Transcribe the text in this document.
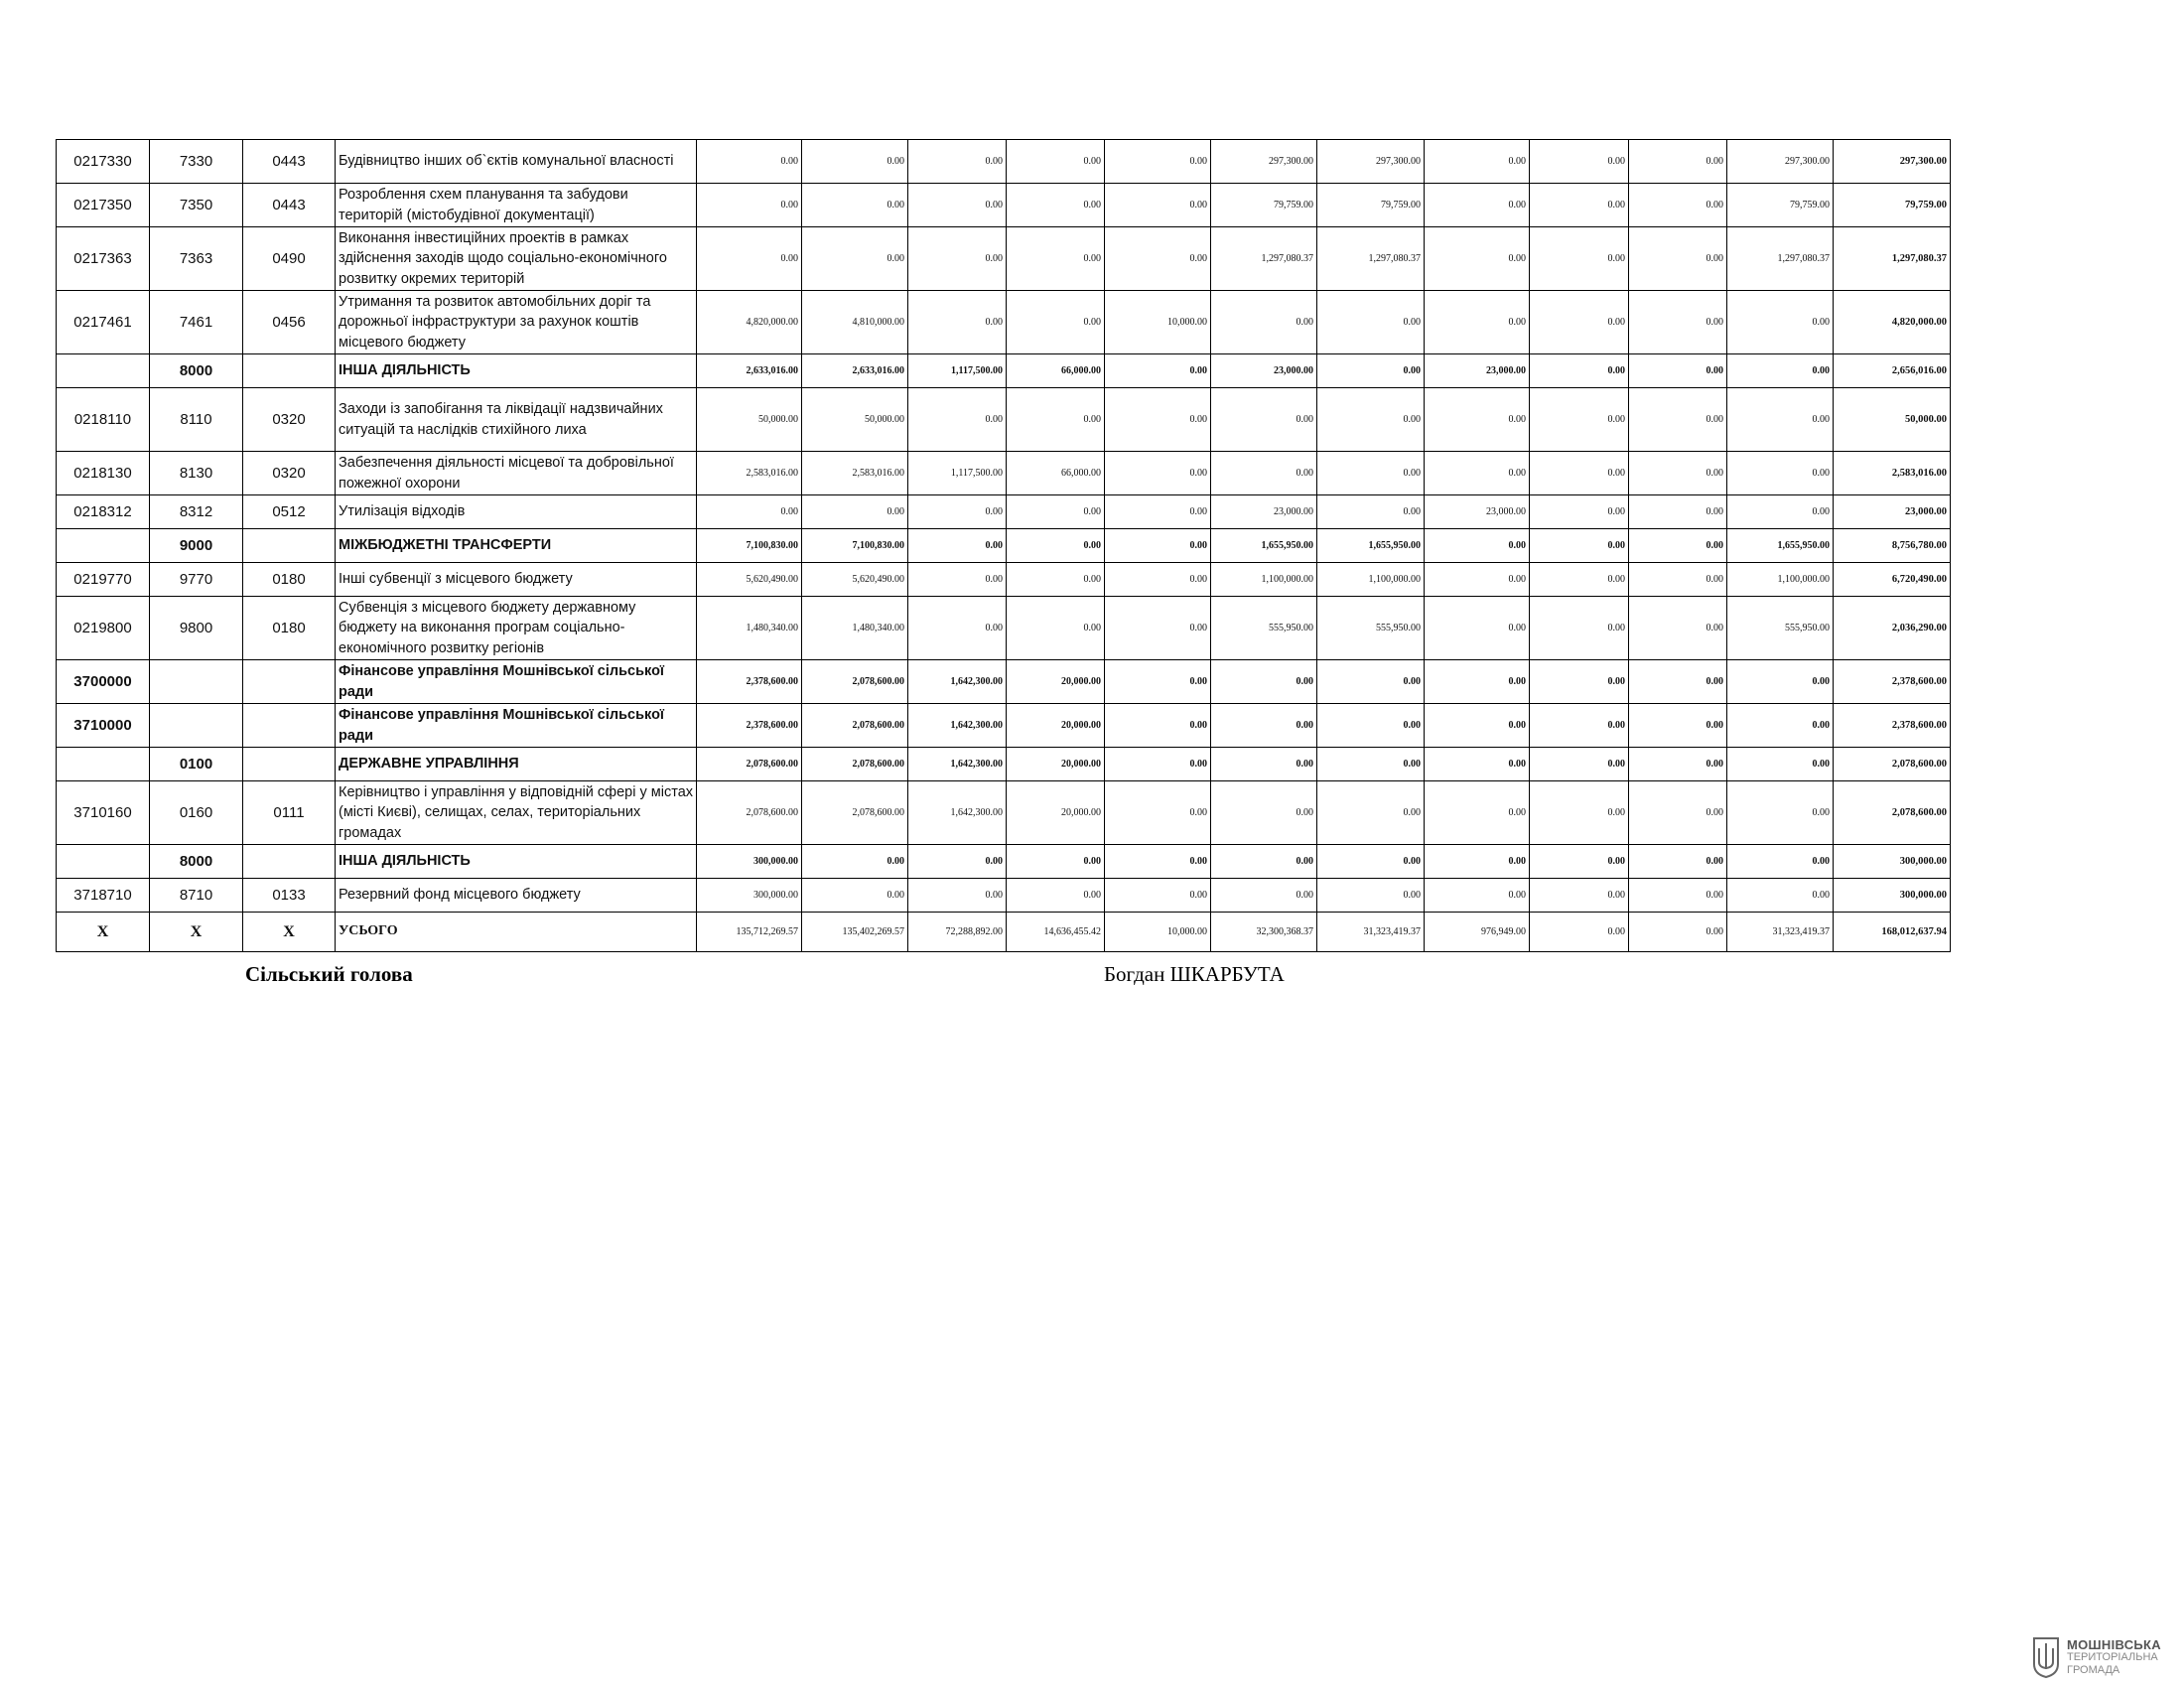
0217330	7330	0443	Будівництво інших об`єктів комунальної власності	0.00	0.00	0.00	0.00	0.00	297,300.00	297,300.00	0.00	0.00	0.00	297,300.00	297,300.00
0217350	7350	0443	Розроблення схем планування та забудови територій (містобудівної документації)	0.00	0.00	0.00	0.00	0.00	79,759.00	79,759.00	0.00	0.00	0.00	79,759.00	79,759.00
0217363	7363	0490	Виконання інвестиційних проектів в рамках здійснення заходів щодо соціально-економічного розвитку окремих територій	0.00	0.00	0.00	0.00	0.00	1,297,080.37	1,297,080.37	0.00	0.00	0.00	1,297,080.37	1,297,080.37
0217461	7461	0456	Утримання та розвиток автомобільних доріг та дорожньої інфраструктури за рахунок коштів місцевого бюджету	4,820,000.00	4,810,000.00	0.00	0.00	10,000.00	0.00	0.00	0.00	0.00	0.00	0.00	4,820,000.00
	8000		ІНША ДІЯЛЬНІСТЬ	2,633,016.00	2,633,016.00	1,117,500.00	66,000.00	0.00	23,000.00	0.00	23,000.00	0.00	0.00	0.00	2,656,016.00
0218110	8110	0320	Заходи із запобігання та ліквідації надзвичайних ситуацій та наслідків стихійного лиха	50,000.00	50,000.00	0.00	0.00	0.00	0.00	0.00	0.00	0.00	0.00	0.00	50,000.00
0218130	8130	0320	Забезпечення діяльності місцевої та добровільної пожежної охорони	2,583,016.00	2,583,016.00	1,117,500.00	66,000.00	0.00	0.00	0.00	0.00	0.00	0.00	0.00	2,583,016.00
0218312	8312	0512	Утилізація відходів	0.00	0.00	0.00	0.00	0.00	23,000.00	0.00	23,000.00	0.00	0.00	0.00	23,000.00
	9000		МІЖБЮДЖЕТНІ ТРАНСФЕРТИ	7,100,830.00	7,100,830.00	0.00	0.00	0.00	1,655,950.00	1,655,950.00	0.00	0.00	0.00	1,655,950.00	8,756,780.00
0219770	9770	0180	Інші субвенції з місцевого бюджету	5,620,490.00	5,620,490.00	0.00	0.00	0.00	1,100,000.00	1,100,000.00	0.00	0.00	0.00	1,100,000.00	6,720,490.00
0219800	9800	0180	Субвенція з місцевого бюджету державному бюджету на виконання програм соціально-економічного розвитку регіонів	1,480,340.00	1,480,340.00	0.00	0.00	0.00	555,950.00	555,950.00	0.00	0.00	0.00	555,950.00	2,036,290.00
3700000			Фінансове управління Мошнівської сільської ради	2,378,600.00	2,078,600.00	1,642,300.00	20,000.00	0.00	0.00	0.00	0.00	0.00	0.00	0.00	2,378,600.00
3710000			Фінансове управління Мошнівської сільської ради	2,378,600.00	2,078,600.00	1,642,300.00	20,000.00	0.00	0.00	0.00	0.00	0.00	0.00	0.00	2,378,600.00
	0100		ДЕРЖАВНЕ УПРАВЛІННЯ	2,078,600.00	2,078,600.00	1,642,300.00	20,000.00	0.00	0.00	0.00	0.00	0.00	0.00	0.00	2,078,600.00
3710160	0160	0111	Керівництво і управління у відповідній сфері у містах (місті Києві), селищах, селах, територіальних громадах	2,078,600.00	2,078,600.00	1,642,300.00	20,000.00	0.00	0.00	0.00	0.00	0.00	0.00	0.00	2,078,600.00
	8000		ІНША ДІЯЛЬНІСТЬ	300,000.00	0.00	0.00	0.00	0.00	0.00	0.00	0.00	0.00	0.00	0.00	300,000.00
3718710	8710	0133	Резервний фонд місцевого бюджету	300,000.00	0.00	0.00	0.00	0.00	0.00	0.00	0.00	0.00	0.00	0.00	300,000.00
X	X	X	УСЬОГО	135,712,269.57	135,402,269.57	72,288,892.00	14,636,455.42	10,000.00	32,300,368.37	31,323,419.37	976,949.00	0.00	0.00	31,323,419.37	168,012,637.94
Сільський голова	Богдан ШКАРБУТА
МОШНІВСЬКА
ТЕРИТОРІАЛЬНА
ГРОМАДА
